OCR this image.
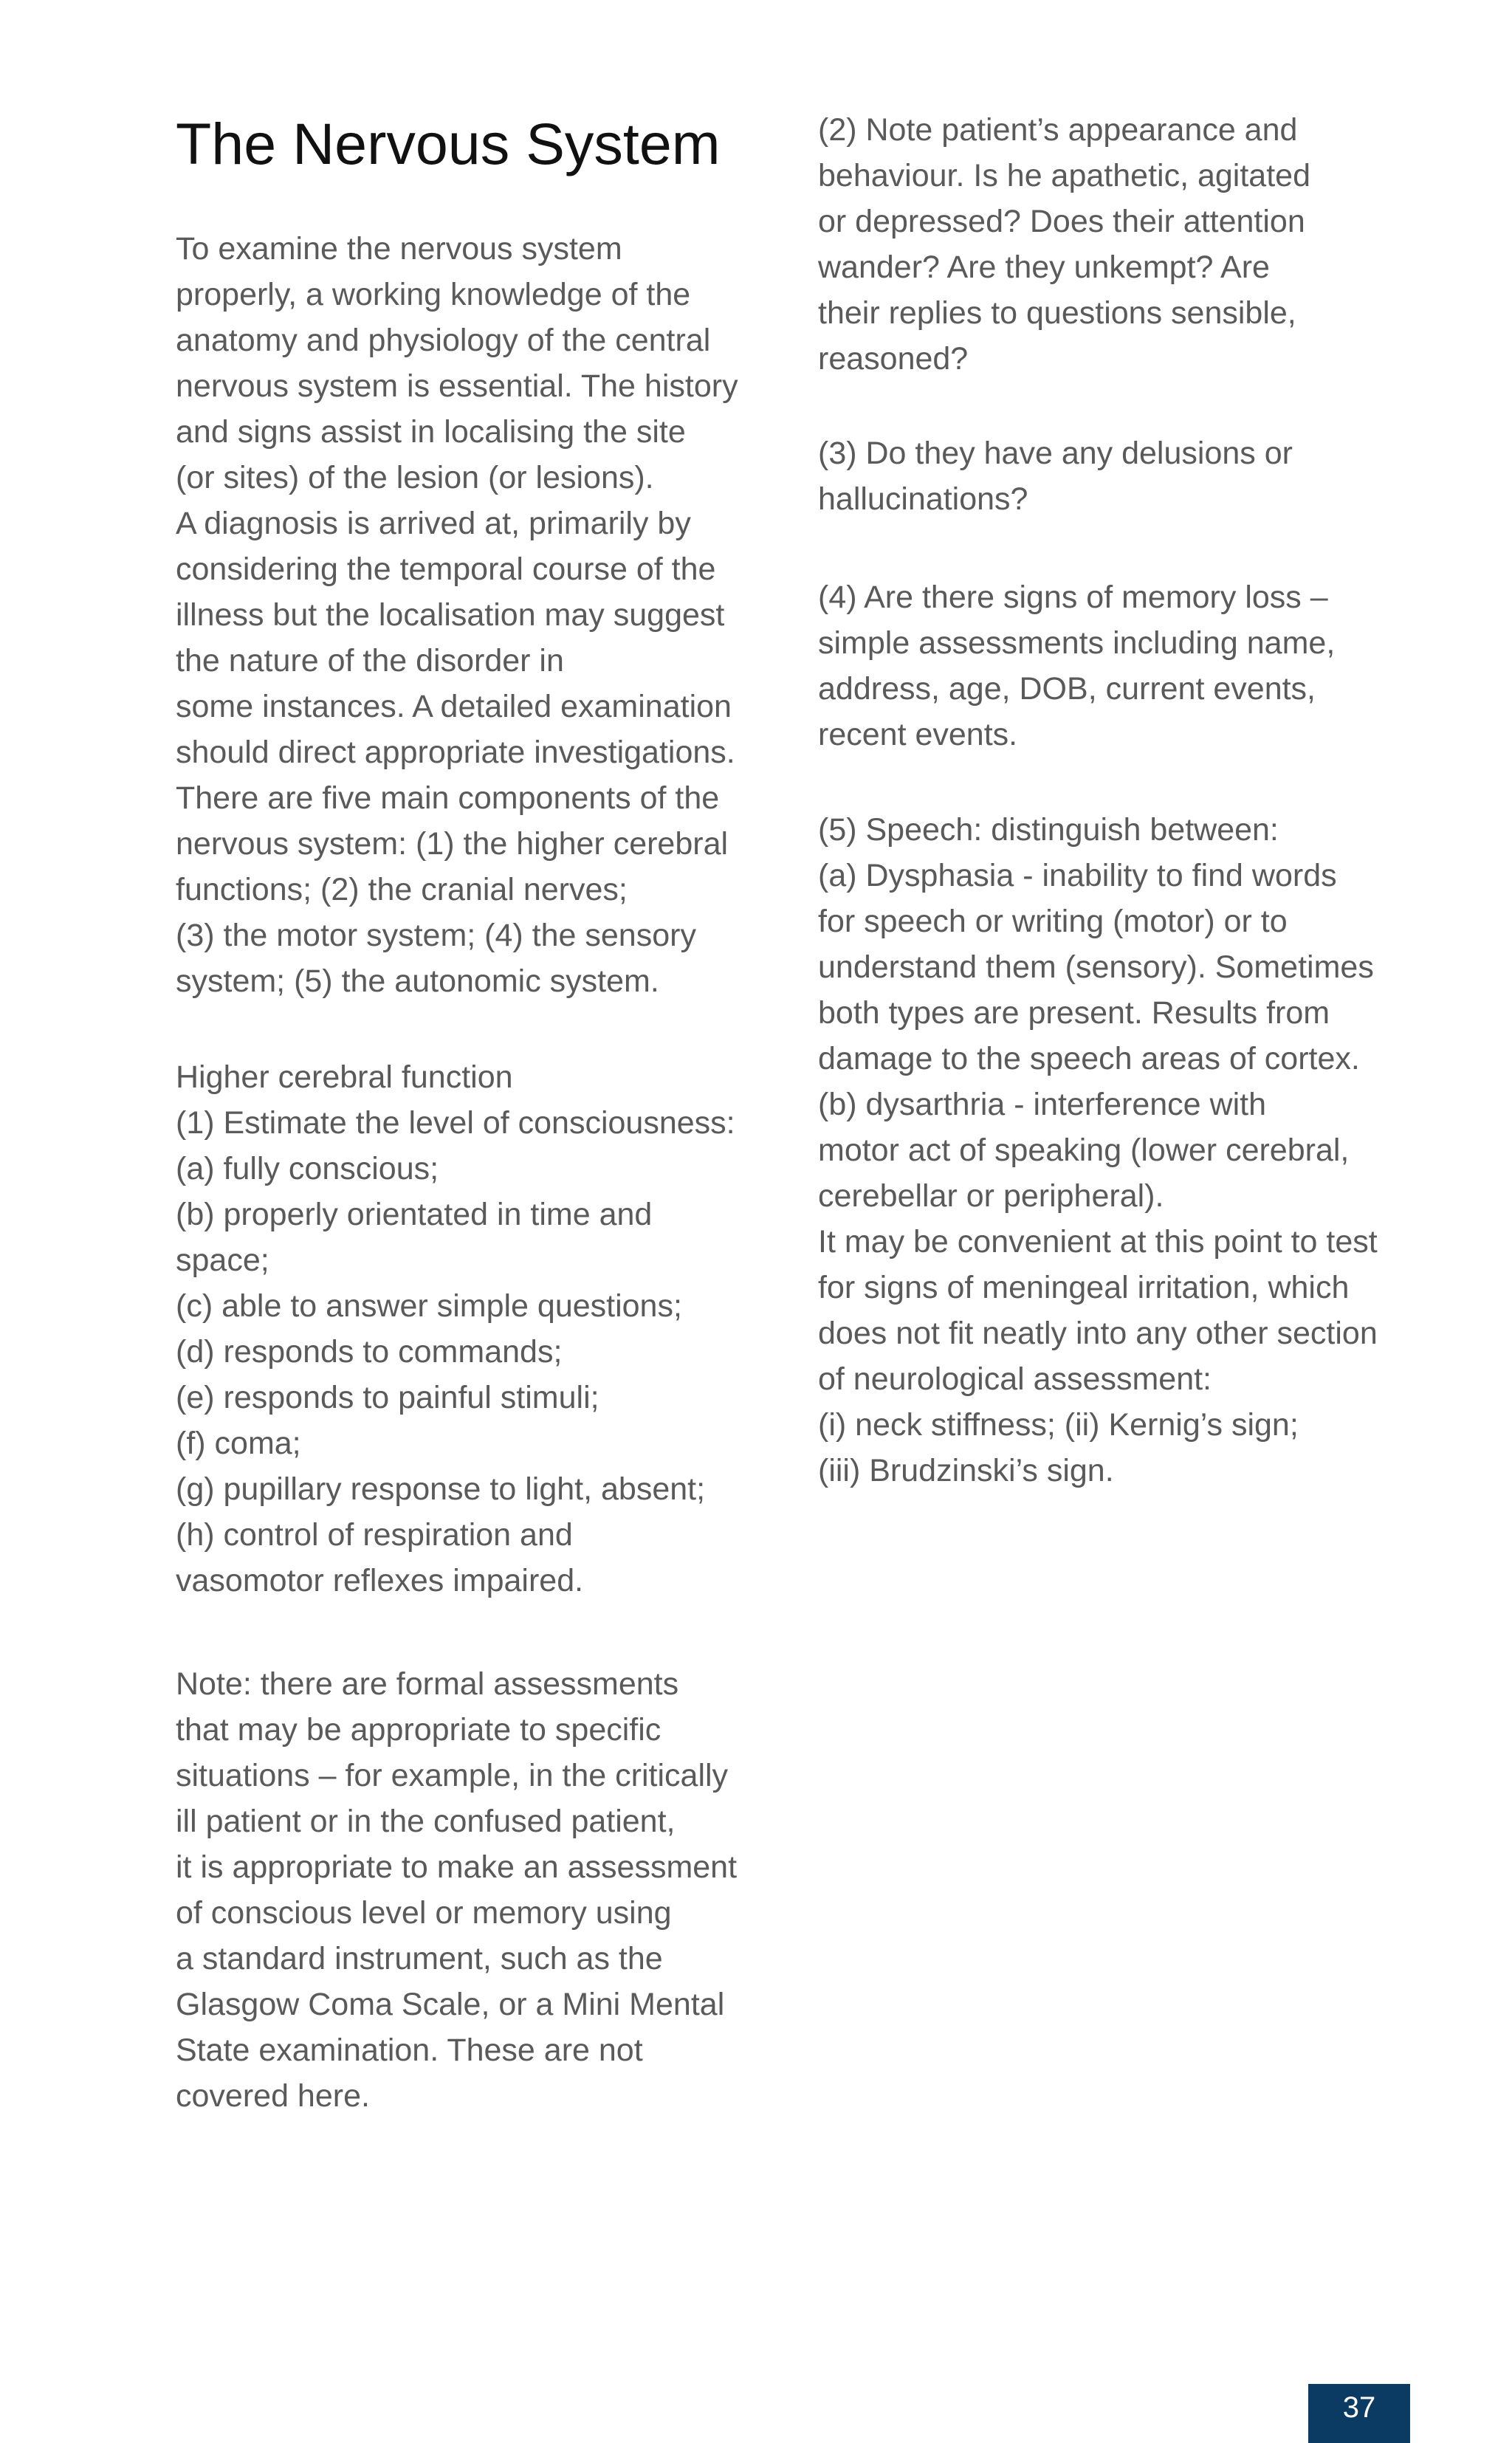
The Nervous System

To examine the nervous system
properly, a working knowledge of the
anatomy and physiology of the central
nervous system is essential. The history
and signs assist in localising the site
(or sites) of the lesion (or lesions).
A diagnosis is arrived at, primarily by
considering the temporal course of the
illness but the localisation may suggest
the nature of the disorder in
some instances. A detailed examination
should direct appropriate investigations.
There are five main components of the
nervous system: (1) the higher cerebral
functions; (2) the cranial nerves;
(3) the motor system; (4) the sensory
system; (5) the autonomic system.

Higher cerebral function
(1) Estimate the level of consciousness:
(a) fully conscious;
(b) properly orientated in time and
space;
(c) able to answer simple questions;
(d) responds to commands;
(e) responds to painful stimuli;
(f) coma;
(g) pupillary response to light, absent;
(h) control of respiration and
vasomotor reflexes impaired.

Note: there are formal assessments
that may be appropriate to specific
situations – for example, in the critically
ill patient or in the confused patient,
it is appropriate to make an assessment
of conscious level or memory using
a standard instrument, such as the
Glasgow Coma Scale, or a Mini Mental
State examination. These are not
covered here.

(2) Note patient’s appearance and
behaviour. Is he apathetic, agitated
or depressed? Does their attention
wander? Are they unkempt? Are
their replies to questions sensible,
reasoned?

(3) Do they have any delusions or
hallucinations?

(4) Are there signs of memory loss –
simple assessments including name,
address, age, DOB, current events,
recent events.

(5) Speech: distinguish between:
(a) Dysphasia - inability to find words
for speech or writing (motor) or to
understand them (sensory). Sometimes
both types are present. Results from
damage to the speech areas of cortex.
(b) dysarthria - interference with
motor act of speaking (lower cerebral,
cerebellar or peripheral).
It may be convenient at this point to test
for signs of meningeal irritation, which
does not fit neatly into any other section
of neurological assessment:
(i) neck stiffness; (ii) Kernig’s sign;
(iii) Brudzinski’s sign.

37
